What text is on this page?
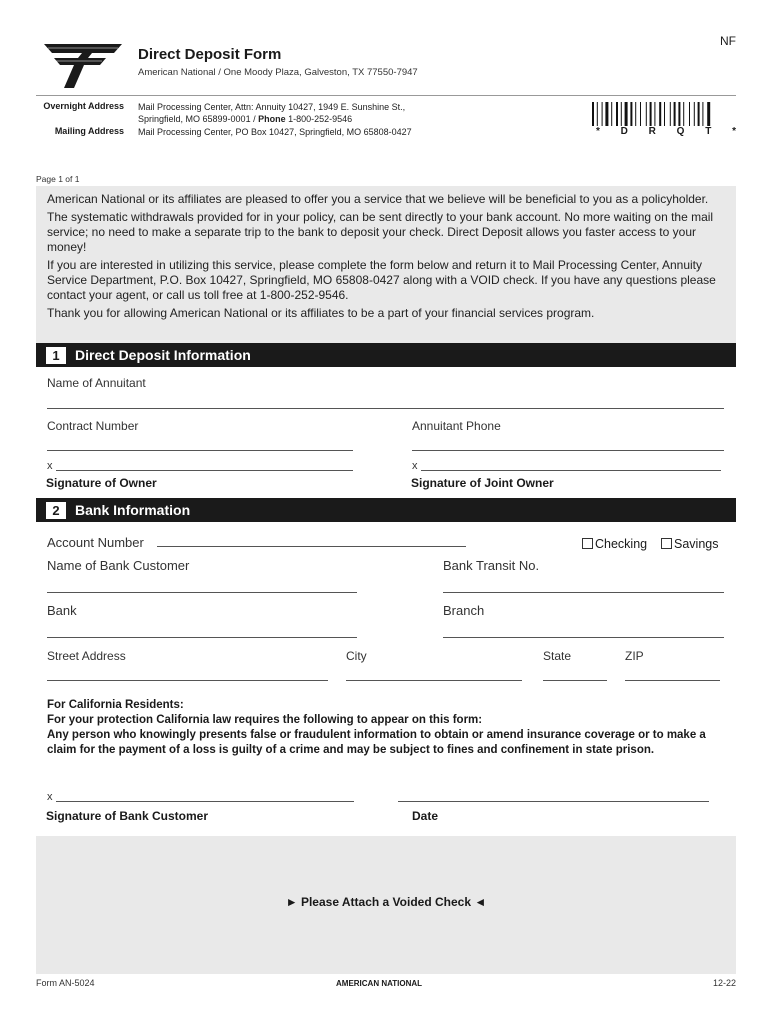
NF
Direct Deposit Form
American National / One Moody Plaza, Galveston, TX 77550-7947
Overnight Address Mail Processing Center, Attn: Annuity 10427, 1949 E. Sunshine St.,
Springfield, MO 65899-0001 / Phone 1-800-252-9546
Mailing Address Mail Processing Center, PO Box 10427, Springfield, MO 65808-0427	* D R Q T *
Page 1 of 1

American National or its affiliates are pleased to offer you a service that we believe will be beneficial to you as a policyholder.

The systematic withdrawals provided for in your policy, can be sent directly to your bank account. No more waiting on the mail service; no need to make a separate trip to the bank to deposit your check. Direct Deposit allows you faster access to your money!

If you are interested in utilizing this service, please complete the form below and return it to Mail Processing Center, Annuity Service Department, P.O. Box 10427, Springfield, MO 65808-0427 along with a VOID check. If you have any questions please contact your agent, or call us toll free at 1-800-252-9546.

Thank you for allowing American National or its affiliates to be a part of your financial services program.

1	Direct Deposit Information
Name of Annuitant
Contract Number	Annuitant Phone
x
Signature of Owner
x
Signature of Joint Owner
2	Bank Information
Account Number	Checking	Savings
Name of Bank Customer	Bank Transit No.
Bank	Branch
Street Address	City	State	ZIP
For California Residents:
For your protection California law requires the following to appear on this form:
Any person who knowingly presents false or fraudulent information to obtain or amend insurance coverage or to make a claim for the payment of a loss is guilty of a crime and may be subject to fines and confinement in state prison.
x
Signature of Bank Customer	Date
► Please Attach a Voided Check ◄
Form AN-5024	AMERICAN NATIONAL	12-22
